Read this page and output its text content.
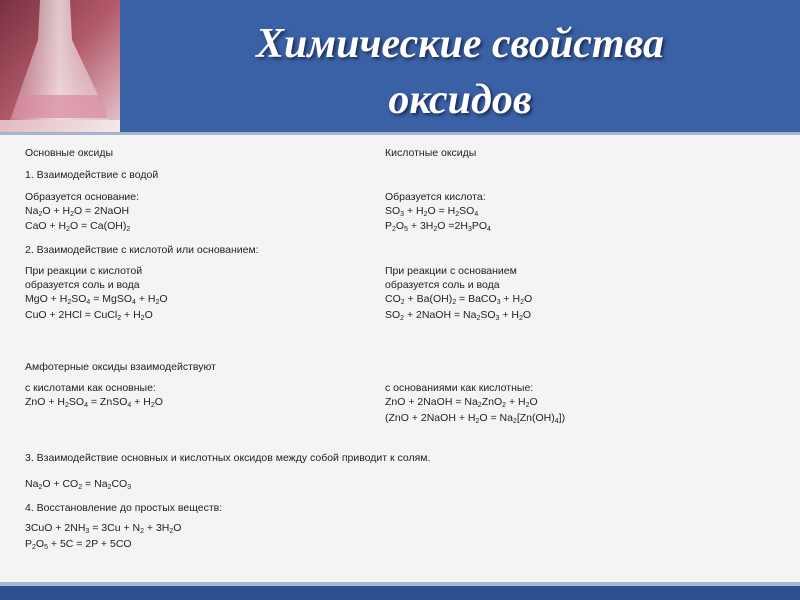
Химические свойства
оксидов
Основные оксиды	Кислотные оксиды
1. Взаимодействие с водой
Образуется основание:
$Na_2O + H_2O$ = 2NaOH
CaO + $H_2O = Ca(OH)_2$
Образуется кислота:
$SO_3 + H_2O = H_2SO_4$
$P_2O_5 + 3H_2O =2H_3PO_4$
2. Взаимодействие с кислотой или основанием:
При реакции с кислотой
образуется соль и вода
MgO + $H_2SO_4$ = MgSO$_4$ + $H_2O$
CuO + 2HCl = CuCl$_2$ + $H_2O$
При реакции с основанием
образуется соль и вода
$CO_2 + Ba(OH)_2$ = BaCO$_3$ + $H_2O$
$SO_2$ + 2NaOH = $Na_2SO_3 + H_2O$
Амфотерные оксиды взаимодействуют
с кислотами как основные:
ZnO + $H_2SO_4$ = ZnSO$_4$ + $H_2O$
с основаниями как кислотные:
ZnO + 2NaOH = $Na_2ZnO_2 + H_2O$
(ZnO + 2NaOH + $H_2O = Na_2[Zn(OH)_4]$)
3. Взаимодействие основных и кислотных оксидов между собой приводит к солям.
$Na_2O + CO_2 = Na_2CO_3$
4. Восстановление до простых веществ:
$3CuO + 2NH_3 = 3Cu + N_2 + 3H_2O$
$P_2O_5 + 5C = 2P + 5CO$
